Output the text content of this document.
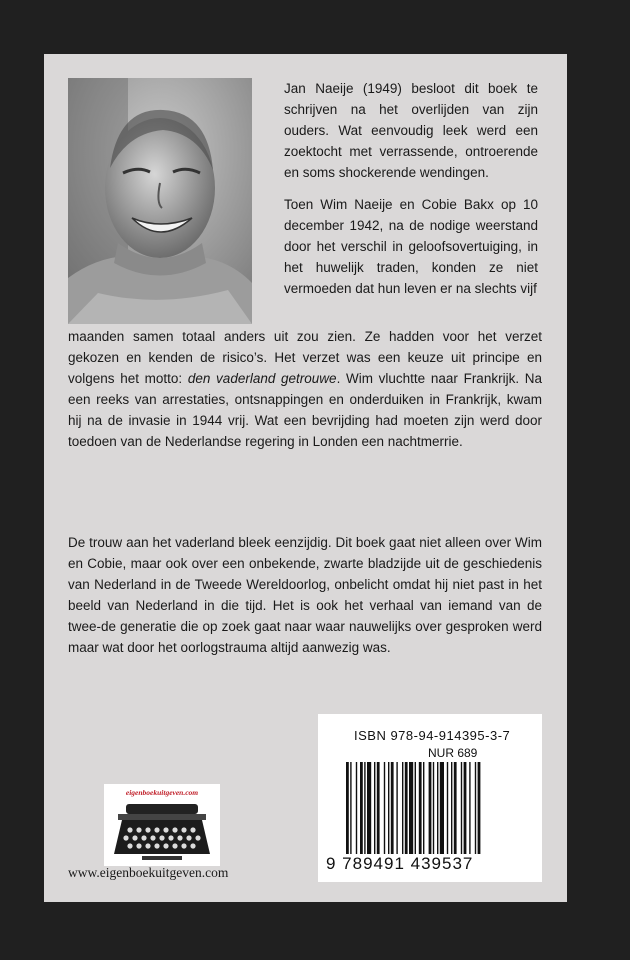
Jan Naeije (1949) besloot dit boek te schrijven na het overlijden van zijn ouders. Wat eenvoudig leek werd een zoektocht met verrassende, ontroerende en soms shockerende wendingen.

Toen Wim Naeije en Cobie Bakx op 10 december 1942, na de nodige weerstand door het verschil in geloofsovertuiging, in het huwelijk traden, konden ze niet vermoeden dat hun leven er na slechts vijf

maanden samen totaal anders uit zou zien. Ze hadden voor het verzet gekozen en kenden de risico’s. Het verzet was een keuze uit principe en volgens het motto: den vaderland getrouwe. Wim vluchtte naar Frankrijk. Na een reeks van arrestaties, ontsnappingen en onderduiken in Frankrijk, kwam hij na de invasie in 1944 vrij. Wat een bevrijding had moeten zijn werd door toedoen van de Nederlandse regering in Londen een nachtmerrie.

De trouw aan het vaderland bleek eenzijdig. Dit boek gaat niet alleen over Wim en Cobie, maar ook over een onbekende, zwarte bladzijde uit de geschiedenis van Nederland in de Tweede Wereldoorlog, onbelicht omdat hij niet past in het beeld van Nederland in die tijd. Het is ook het verhaal van iemand van de twee-de generatie die op zoek gaat naar waar nauwelijks over gesproken werd maar wat door het oorlogstrauma altijd aanwezig was.

ISBN 978-94-914395-3-7
NUR 689
9 789491 439537
eigenboekuitgeven.com
www.eigenboekuitgeven.com
